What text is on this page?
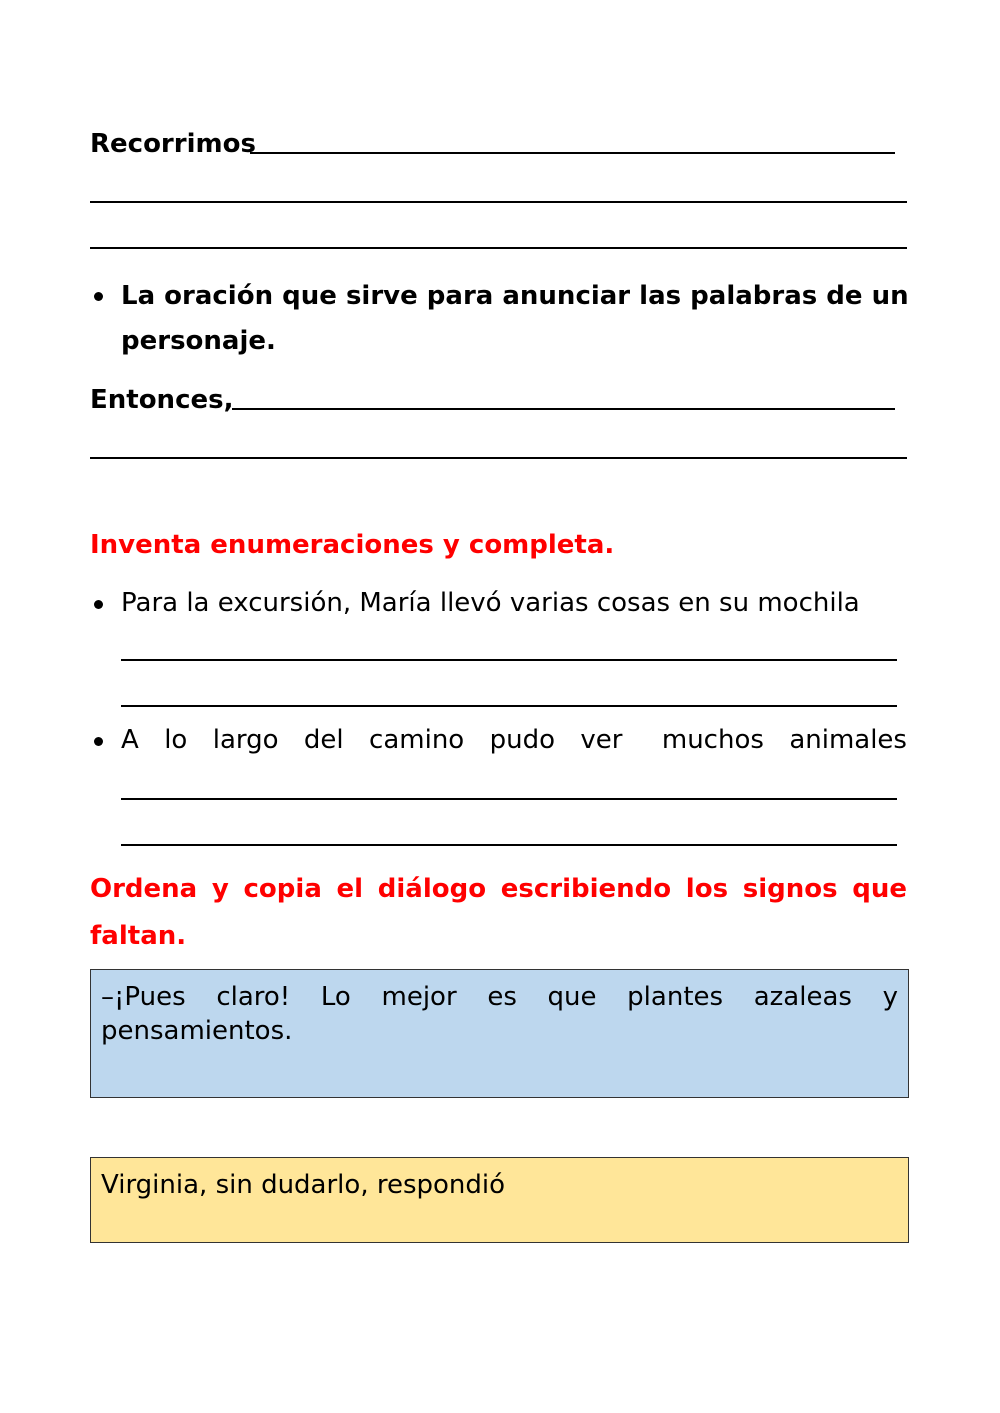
Recorrimos
La oración que sirve para anunciar las palabras de un
personaje.
Entonces,
Inventa enumeraciones y completa.
Para la excursión, María llevó varias cosas en su mochila
A lo largo del camino pudo ver muchos animales
Ordena y copia el diálogo escribiendo los signos que
faltan.
–¡Pues claro! Lo mejor es que plantes azaleas y
pensamientos.
Virginia, sin dudarlo, respondió
